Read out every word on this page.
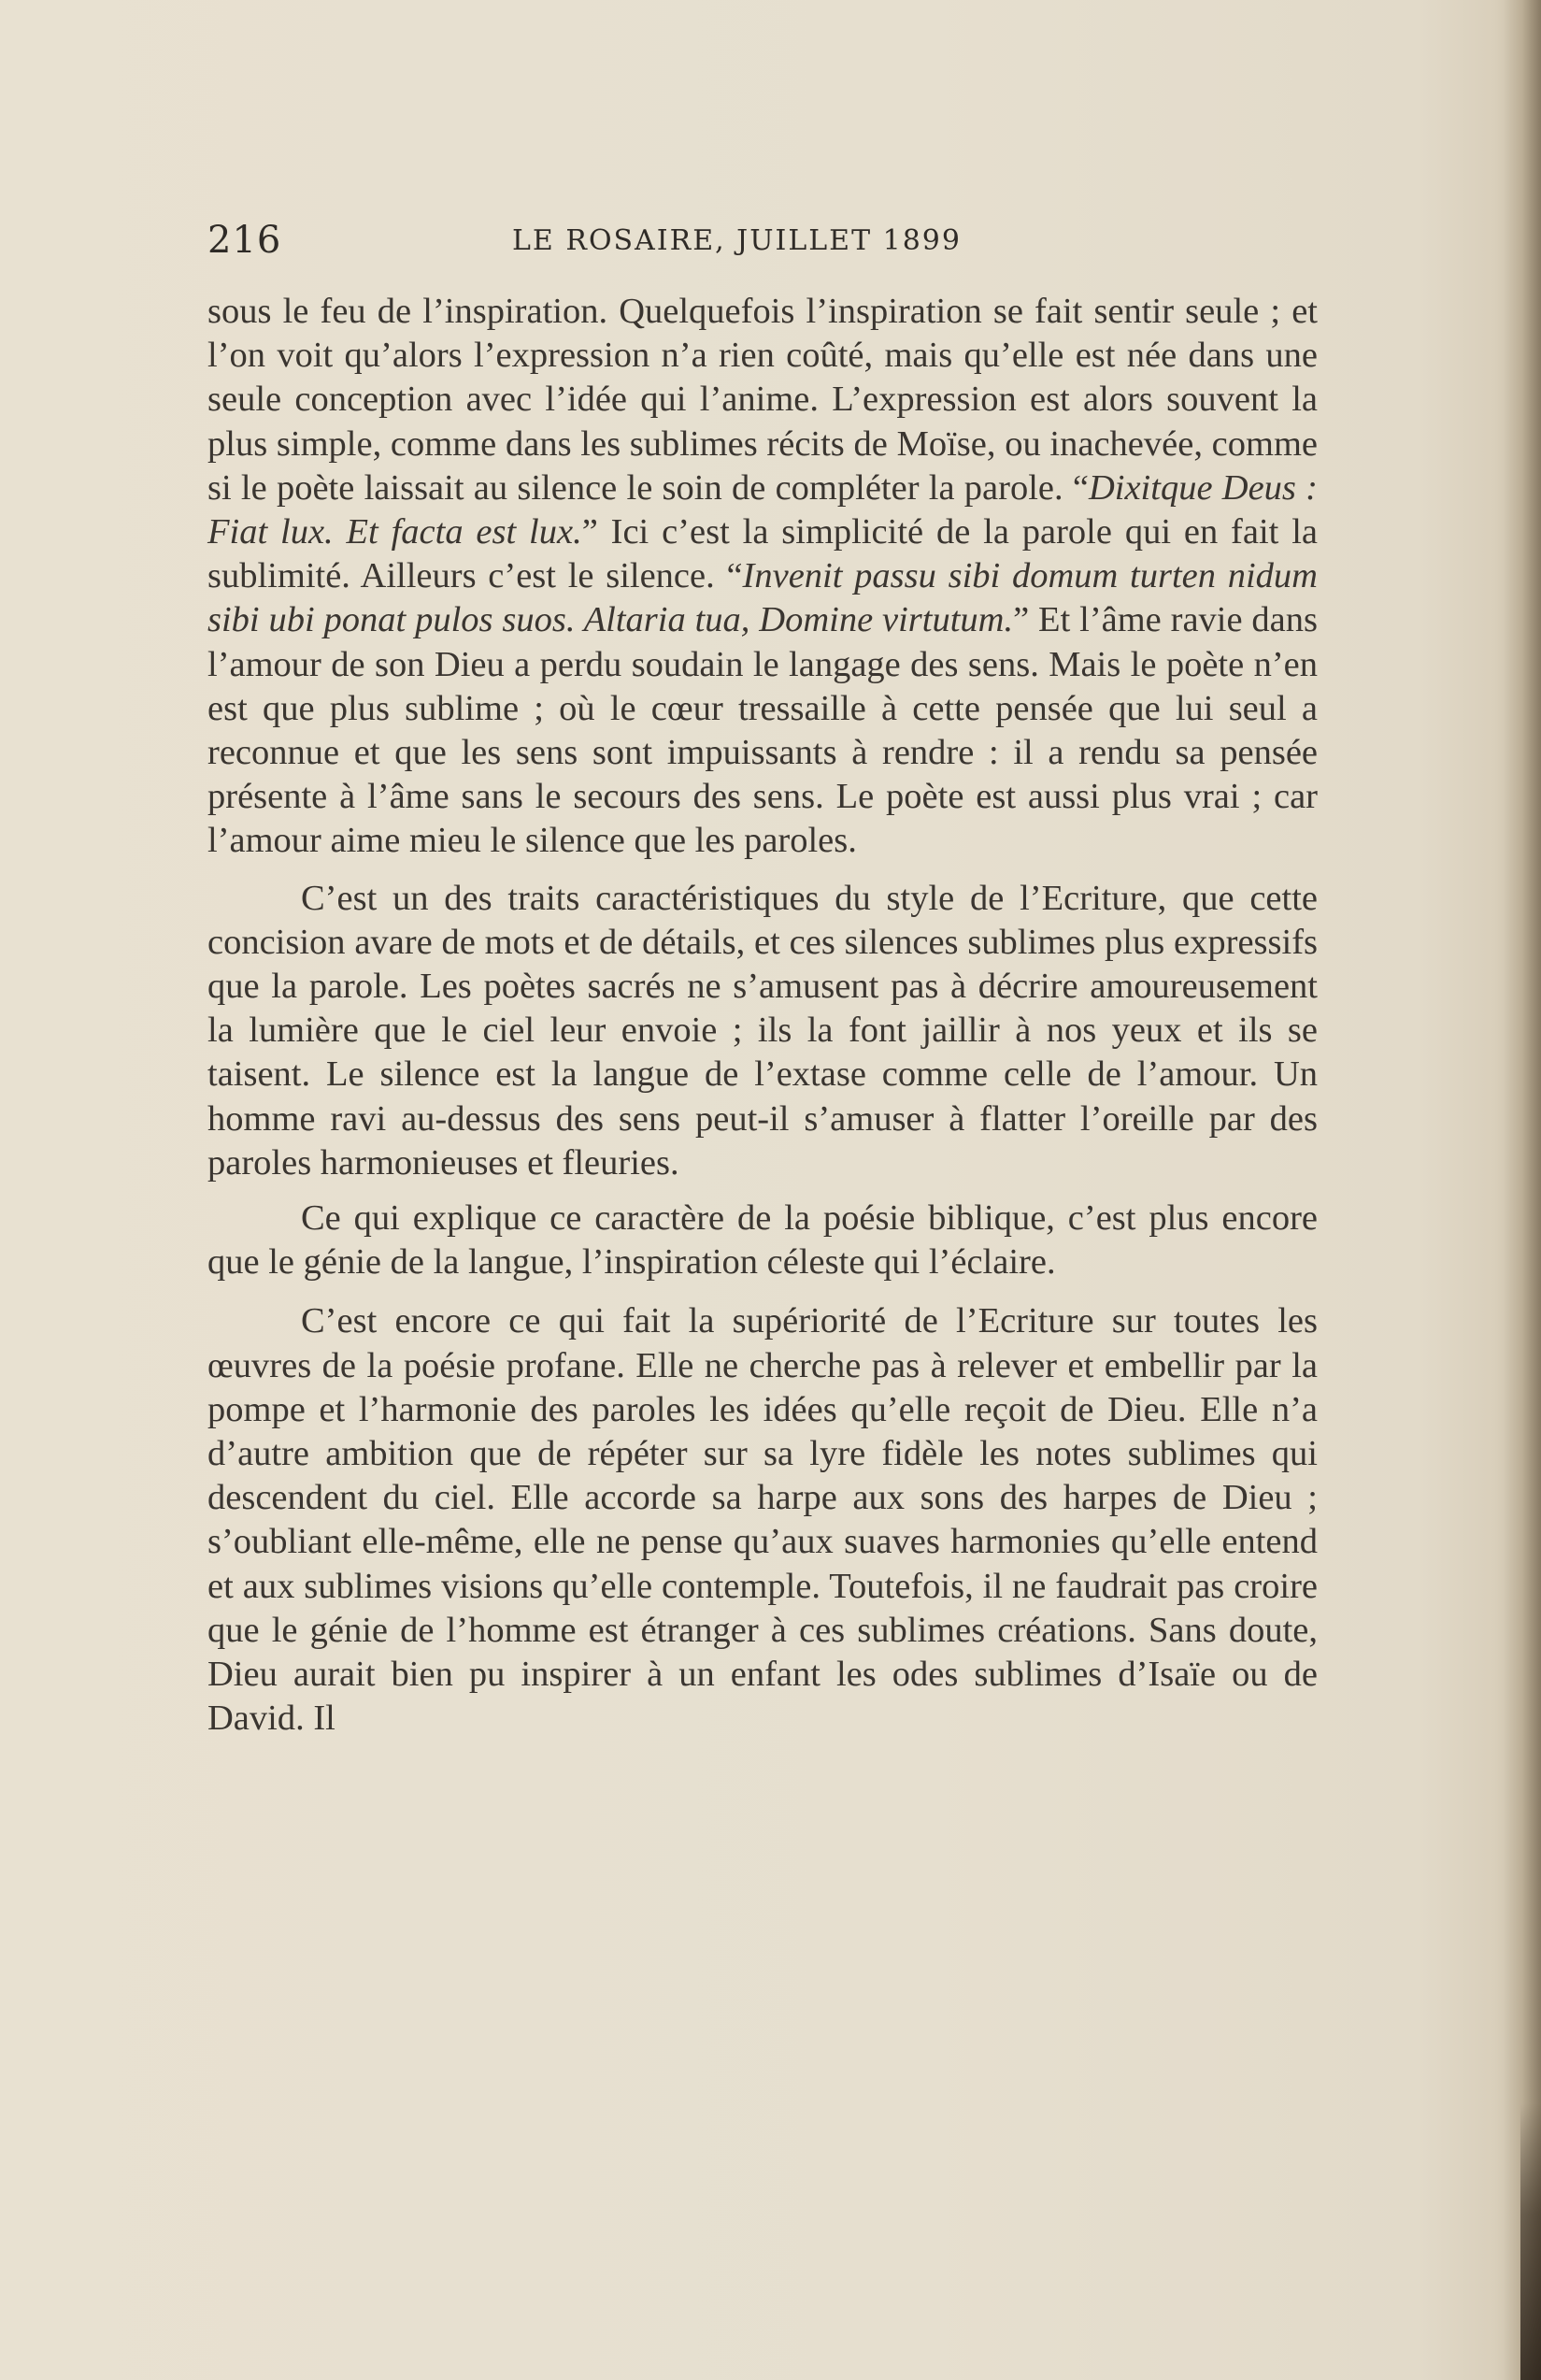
216	LE ROSAIRE, JUILLET 1899

sous le feu de l’inspiration. Quelquefois l’inspiration se fait sentir seule ; et l’on voit qu’alors l’expression n’a rien coûté, mais qu’elle est née dans une seule conception avec l’idée qui l’anime. L’expression est alors souvent la plus simple, comme dans les sublimes récits de Moïse, ou inachevée, comme si le poète laissait au silence le soin de compléter la parole. “Dixitque Deus : Fiat lux. Et facta est lux.” Ici c’est la simplicité de la parole qui en fait la sublimité. Ailleurs c’est le silence. “Invenit passu sibi domum turten nidum sibi ubi ponat pulos suos. Altaria tua, Domine virtutum.” Et l’âme ravie dans l’amour de son Dieu a perdu soudain le langage des sens. Mais le poète n’en est que plus sublime ; où le cœur tressaille à cette pensée que lui seul a reconnue et que les sens sont impuissants à rendre : il a rendu sa pensée présente à l’âme sans le secours des sens. Le poète est aussi plus vrai ; car l’amour aime mieu le silence que les paroles.

C’est un des traits caractéristiques du style de l’Ecriture, que cette concision avare de mots et de détails, et ces silences sublimes plus expressifs que la parole. Les poètes sacrés ne s’amusent pas à décrire amoureusement la lumière que le ciel leur envoie ; ils la font jaillir à nos yeux et ils se taisent. Le silence est la langue de l’extase comme celle de l’amour. Un homme ravi au-dessus des sens peut-il s’amuser à flatter l’oreille par des paroles harmonieuses et fleuries.

Ce qui explique ce caractère de la poésie biblique, c’est plus encore que le génie de la langue, l’inspiration céleste qui l’éclaire.

C’est encore ce qui fait la supériorité de l’Ecriture sur toutes les œuvres de la poésie profane. Elle ne cherche pas à relever et embellir par la pompe et l’harmonie des paroles les idées qu’elle reçoit de Dieu. Elle n’a d’autre ambition que de répéter sur sa lyre fidèle les notes sublimes qui descendent du ciel. Elle accorde sa harpe aux sons des harpes de Dieu ; s’oubliant elle-même, elle ne pense qu’aux suaves harmonies qu’elle entend et aux sublimes visions qu’elle contemple. Toutefois, il ne faudrait pas croire que le génie de l’homme est étranger à ces sublimes créations. Sans doute, Dieu aurait bien pu inspirer à un enfant les odes sublimes d’Isaïe ou de David. Il
